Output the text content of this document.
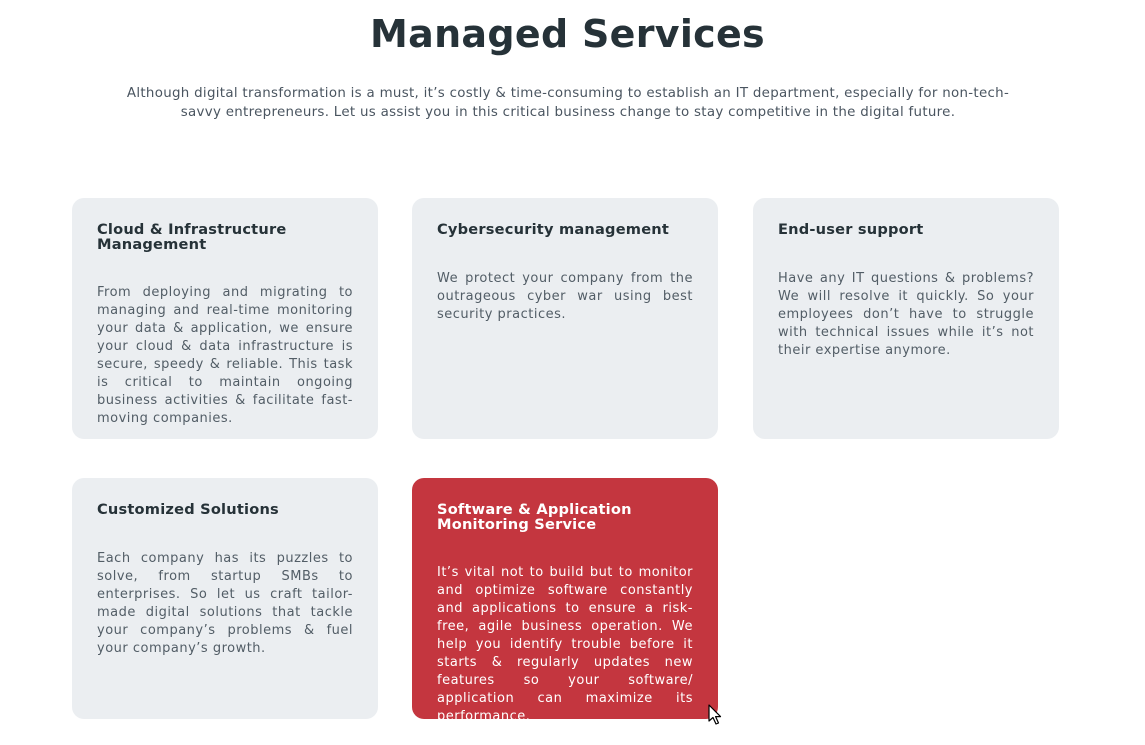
Managed Services

Although digital transformation is a must, it’s costly & time-consuming to establish an IT department, especially for non-tech-savvy entrepreneurs. Let us assist you in this critical business change to stay competitive in the digital future.

Cloud & Infrastructure Management

From deploying and migrating to managing and real-time monitoring your data & application, we ensure your cloud & data infrastructure is secure, speedy & reliable. This task is critical to maintain ongoing business activities & facilitate fast-moving companies.

Cybersecurity management

We protect your company from the outrageous cyber war using best security practices.

End-user support

Have any IT questions & problems? We will resolve it quickly. So your employees don’t have to struggle with technical issues while it’s not their expertise anymore.

Customized Solutions

Each company has its puzzles to solve, from startup SMBs to enterprises. So let us craft tailor-made digital solutions that tackle your company’s problems & fuel your company’s growth.

Software & Application Monitoring Service

It’s vital not to build but to monitor and optimize software constantly and applications to ensure a risk-free, agile business operation. We help you identify trouble before it starts & regularly updates new features so your software/ application can maximize its performance.
